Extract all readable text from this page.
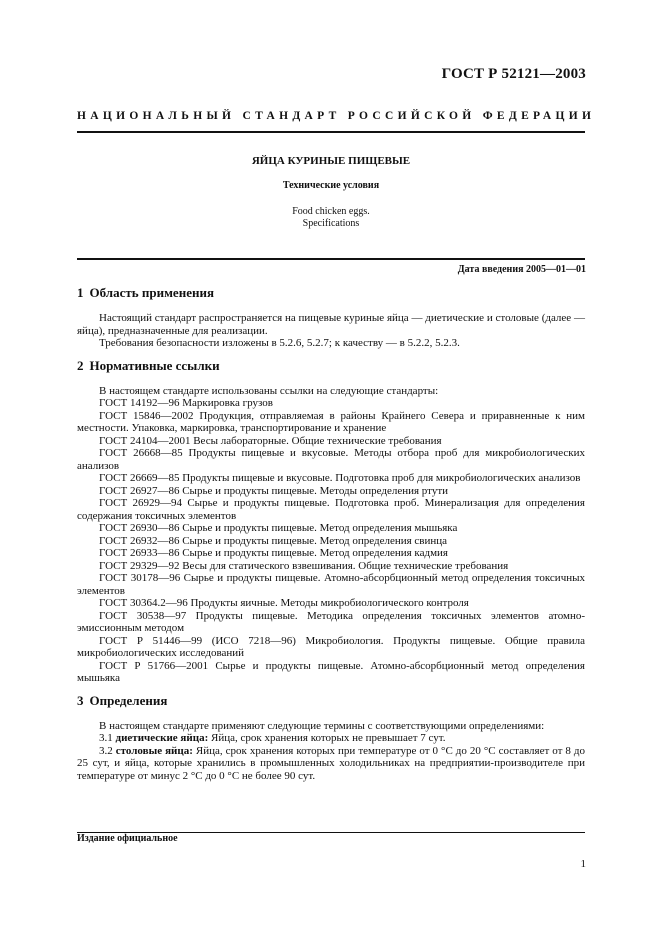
ГОСТ Р 52121—2003
НАЦИОНАЛЬНЫЙ СТАНДАРТ РОССИЙСКОЙ ФЕДЕРАЦИИ
ЯЙЦА КУРИНЫЕ ПИЩЕВЫЕ
Технические условия
Food chicken eggs.
Specifications
Дата введения 2005—01—01
1 Область применения

  Настоящий стандарт распространяется на пищевые куриные яйца — диетические и столовые (далее — яйца), предназначенные для реализации.

  Требования безопасности изложены в 5.2.6, 5.2.7; к качеству — в 5.2.2, 5.2.3.

2 Нормативные ссылки

  В настоящем стандарте использованы ссылки на следующие стандарты:

  ГОСТ 14192—96 Маркировка грузов

  ГОСТ 15846—2002 Продукция, отправляемая в районы Крайнего Севера и приравненные к ним местности. Упаковка, маркировка, транспортирование и хранение

  ГОСТ 24104—2001 Весы лабораторные. Общие технические требования

  ГОСТ 26668—85 Продукты пищевые и вкусовые. Методы отбора проб для микробиологических анализов

  ГОСТ 26669—85 Продукты пищевые и вкусовые. Подготовка проб для микробиологических анализов

  ГОСТ 26927—86 Сырье и продукты пищевые. Методы определения ртути

  ГОСТ 26929—94 Сырье и продукты пищевые. Подготовка проб. Минерализация для определения содержания токсичных элементов

  ГОСТ 26930—86 Сырье и продукты пищевые. Метод определения мышьяка

  ГОСТ 26932—86 Сырье и продукты пищевые. Метод определения свинца

  ГОСТ 26933—86 Сырье и продукты пищевые. Метод определения кадмия

  ГОСТ 29329—92 Весы для статического взвешивания. Общие технические требования

  ГОСТ 30178—96 Сырье и продукты пищевые. Атомно-абсорбционный метод определения токсичных элементов

  ГОСТ 30364.2—96 Продукты яичные. Методы микробиологического контроля

  ГОСТ 30538—97 Продукты пищевые. Методика определения токсичных элементов атомно-эмиссионным методом

  ГОСТ Р 51446—99 (ИСО 7218—96) Микробиология. Продукты пищевые. Общие правила микробиологических исследований

  ГОСТ Р 51766—2001 Сырье и продукты пищевые. Атомно-абсорбционный метод определения мышьяка

3 Определения

  В настоящем стандарте применяют следующие термины с соответствующими определениями:

  3.1 диетические яйца: Яйца, срок хранения которых не превышает 7 сут.

  3.2 столовые яйца: Яйца, срок хранения которых при температуре от 0 °С до 20 °С составляет от 8 до 25 сут, и яйца, которые хранились в промышленных холодильниках на предприятии-производителе при температуре от минус 2 °С до 0 °С не более 90 сут.

Издание официальное
1
